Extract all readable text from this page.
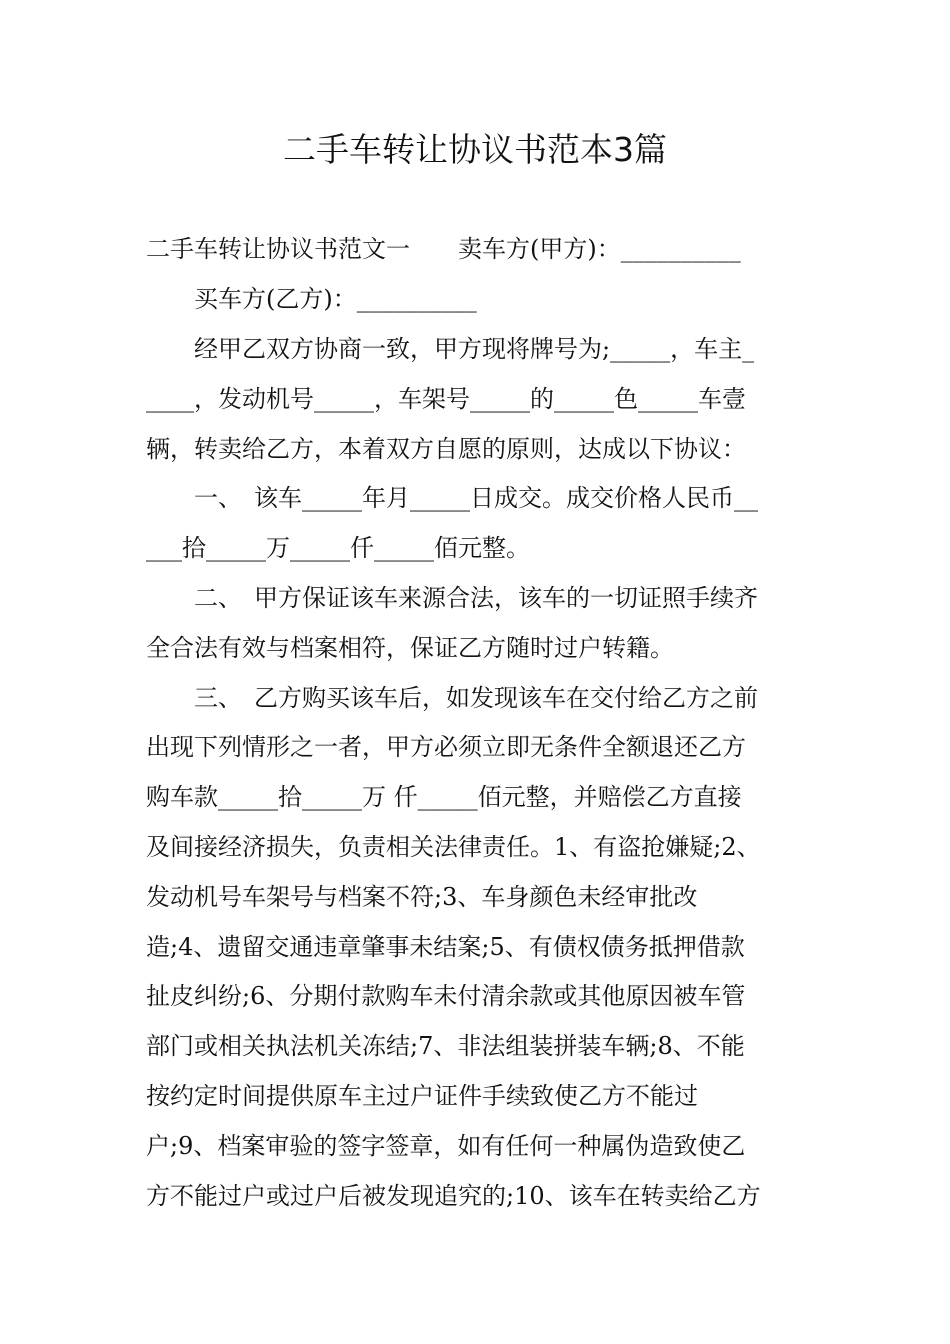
二手车转让协议书范本3篇
二手车转让协议书范文一　　卖车方(甲方)：__________
买车方(乙方)：__________
经甲乙双方协商一致，甲方现将牌号为;_____，车主_
____，发动机号_____，车架号_____的_____色_____车壹
辆，转卖给乙方，本着双方自愿的原则，达成以下协议：
一、　该车_____年月_____日成交。成交价格人民币__
___拾_____万_____仟_____佰元整。
二、　甲方保证该车来源合法，该车的一切证照手续齐
全合法有效与档案相符，保证乙方随时过户转籍。
三、　乙方购买该车后，如发现该车在交付给乙方之前
出现下列情形之一者，甲方必须立即无条件全额退还乙方
购车款_____拾_____万 仟_____佰元整，并赔偿乙方直接
及间接经济损失，负责相关法律责任。1、有盗抢嫌疑;2、
发动机号车架号与档案不符;3、车身颜色未经审批改
造;4、遗留交通违章肇事未结案;5、有债权债务抵押借款
扯皮纠纷;6、分期付款购车未付清余款或其他原因被车管
部门或相关执法机关冻结;7、非法组装拼装车辆;8、不能
按约定时间提供原车主过户证件手续致使乙方不能过
户;9、档案审验的签字签章，如有任何一种属伪造致使乙
方不能过户或过户后被发现追究的;10、该车在转卖给乙方
